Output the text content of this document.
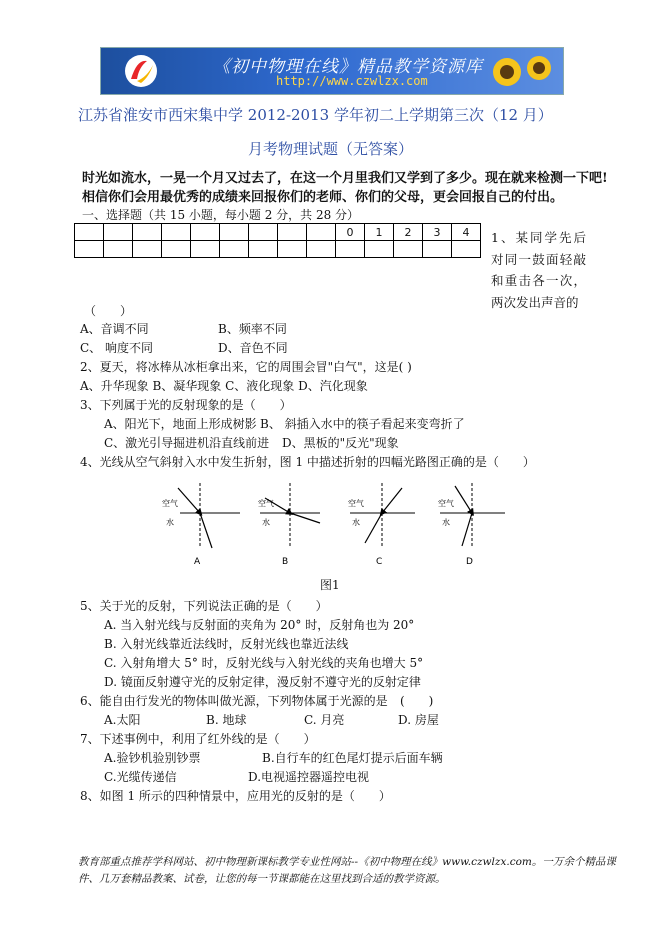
《初中物理在线》精品教学资源库
http://www.czwlzx.com
江苏省淮安市西宋集中学 2012-2013 学年初二上学期第三次（12 月）
月考物理试题（无答案）
时光如流水，一晃一个月又过去了，在这一个月里我们又学到了多少。现在就来检测一下吧!
相信你们会用最优秀的成绩来回报你们的老师、你们的父母，更会回报自己的付出。
一、选择题（共 15 小题，每小题 2 分，共 28 分）
									0	1	2	3	4
													1、某同学先后对同一鼓面轻敲和重击各一次，两次发出声音的
（　　）
A、音调不同	B、频率不同
C、 响度不同	D、音色不同
2、夏天，将冰棒从冰柜拿出来，它的周围会冒"白气"，这是( )
A、升华现象 B、凝华现象 C、液化现象 D、汽化现象
3、下列属于光的反射现象的是（　　）
A、阳光下，地面上形成树影 B、 斜插入水中的筷子看起来变弯折了
C、激光引导掘进机沿直线前进 D、黑板的"反光"现象
4、光线从空气斜射入水中发生折射，图 1 中描述折射的四幅光路图正确的是（　　）
空气
水
A
空气
水
B
空气
水
C
空气
水
D
图1
5、关于光的反射，下列说法正确的是（　　）
A. 当入射光线与反射面的夹角为 20° 时，反射角也为 20°
B. 入射光线靠近法线时，反射光线也靠近法线
C. 入射角增大 5° 时，反射光线与入射光线的夹角也增大 5°
D. 镜面反射遵守光的反射定律，漫反射不遵守光的反射定律
6、能自由行发光的物体叫做光源，下列物体属于光源的是 (　　)
A.太阳	B. 地球	C. 月亮	D. 房屋
7、下述事例中，利用了红外线的是（　　）
A.验钞机验别钞票	B.自行车的红色尾灯提示后面车辆
C.光缆传递信	D.电视遥控器遥控电视
8、如图 1 所示的四种情景中，应用光的反射的是（　　）
教育部重点推荐学科网站、初中物理新课标教学专业性网站--《初中物理在线》www.czwlzx.com。一万余个精品课
件、几万套精品教案、试卷，让您的每一节课都能在这里找到合适的教学资源。
